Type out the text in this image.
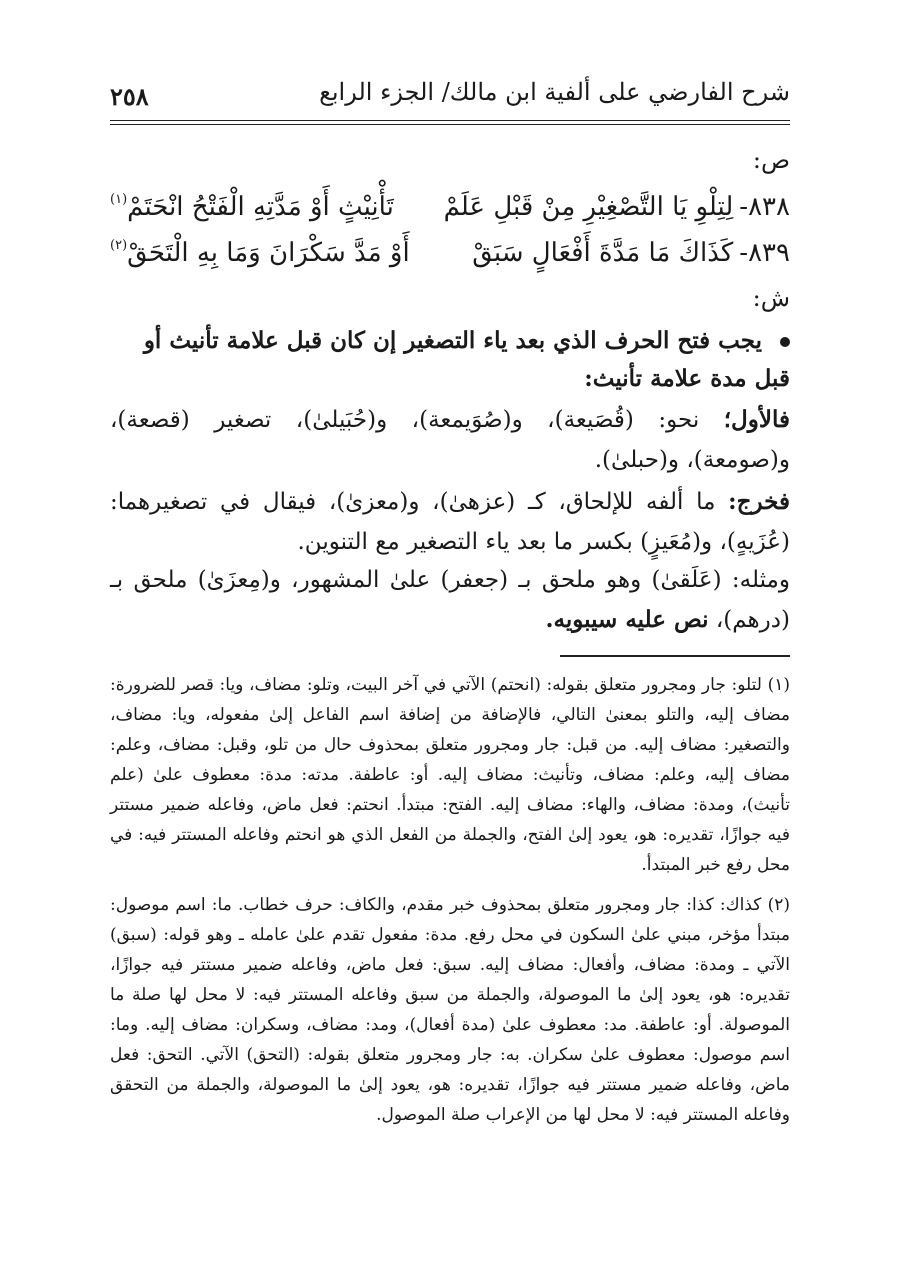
شرح الفارضي على ألفية ابن مالك/ الجزء الرابع
٢٥٨
ص:
٨٣٨-لِتِلْوِ يَا التَّصْغِيْرِ مِنْ قَبْلِ عَلَمْ
تَأْنِيْثٍ أَوْ مَدَّتِهِ الْفَتْحُ انْحَتَمْ$^{(١)}$
٨٣٩-كَذَاكَ مَا مَدَّةَ أَفْعَالٍ سَبَقْ
أَوْ مَدَّ سَكْرَانَ وَمَا بِهِ الْتَحَقْ$^{(٢)}$
ش:
يجب فتح الحرف الذي بعد ياء التصغير إن كان قبل علامة تأنيث أو قبل مدة علامة تأنيث:
فالأول؛ نحو: (قُصَيعة)، و(صُوَيمعة)، و(حُبَيلىٰ)، تصغير (قصعة)، و(صومعة)، و(حبلىٰ).
فخرج: ما ألفه للإلحاق، كـ (عزهىٰ)، و(معزىٰ)، فيقال في تصغيرهما: (عُزَيهٍ)، و(مُعَيزٍ) بكسر ما بعد ياء التصغير مع التنوين.
ومثله: (عَلَقىٰ) وهو ملحق بـ (جعفر) علىٰ المشهور، و(مِعزَىٰ) ملحق بـ (درهم)، نص عليه سيبويه.
(١) لتلو: جار ومجرور متعلق بقوله: (انحتم) الآتي في آخر البيت، وتلو: مضاف، ويا: قصر للضرورة: مضاف إليه، والتلو بمعنىٰ التالي، فالإضافة من إضافة اسم الفاعل إلىٰ مفعوله، ويا: مضاف، والتصغير: مضاف إليه. من قبل: جار ومجرور متعلق بمحذوف حال من تلو، وقبل: مضاف، وعلم: مضاف إليه، وعلم: مضاف، وتأنيث: مضاف إليه. أو: عاطفة. مدته: مدة: معطوف علىٰ (علم تأنيث)، ومدة: مضاف، والهاء: مضاف إليه. الفتح: مبتدأ. انحتم: فعل ماض، وفاعله ضمير مستتر فيه جوازًا، تقديره: هو، يعود إلىٰ الفتح، والجملة من الفعل الذي هو انحتم وفاعله المستتر فيه: في محل رفع خبر المبتدأ.
(٢) كذاك: كذا: جار ومجرور متعلق بمحذوف خبر مقدم، والكاف: حرف خطاب. ما: اسم موصول: مبتدأ مؤخر، مبني علىٰ السكون في محل رفع. مدة: مفعول تقدم علىٰ عامله ـ وهو قوله: (سبق) الآتي ـ ومدة: مضاف، وأفعال: مضاف إليه. سبق: فعل ماض، وفاعله ضمير مستتر فيه جوازًا، تقديره: هو، يعود إلىٰ ما الموصولة، والجملة من سبق وفاعله المستتر فيه: لا محل لها صلة ما الموصولة. أو: عاطفة. مد: معطوف علىٰ (مدة أفعال)، ومد: مضاف، وسكران: مضاف إليه. وما: اسم موصول: معطوف علىٰ سكران. به: جار ومجرور متعلق بقوله: (التحق) الآتي. التحق: فعل ماض، وفاعله ضمير مستتر فيه جوازًا، تقديره: هو، يعود إلىٰ ما الموصولة، والجملة من التحقق وفاعله المستتر فيه: لا محل لها من الإعراب صلة الموصول.
